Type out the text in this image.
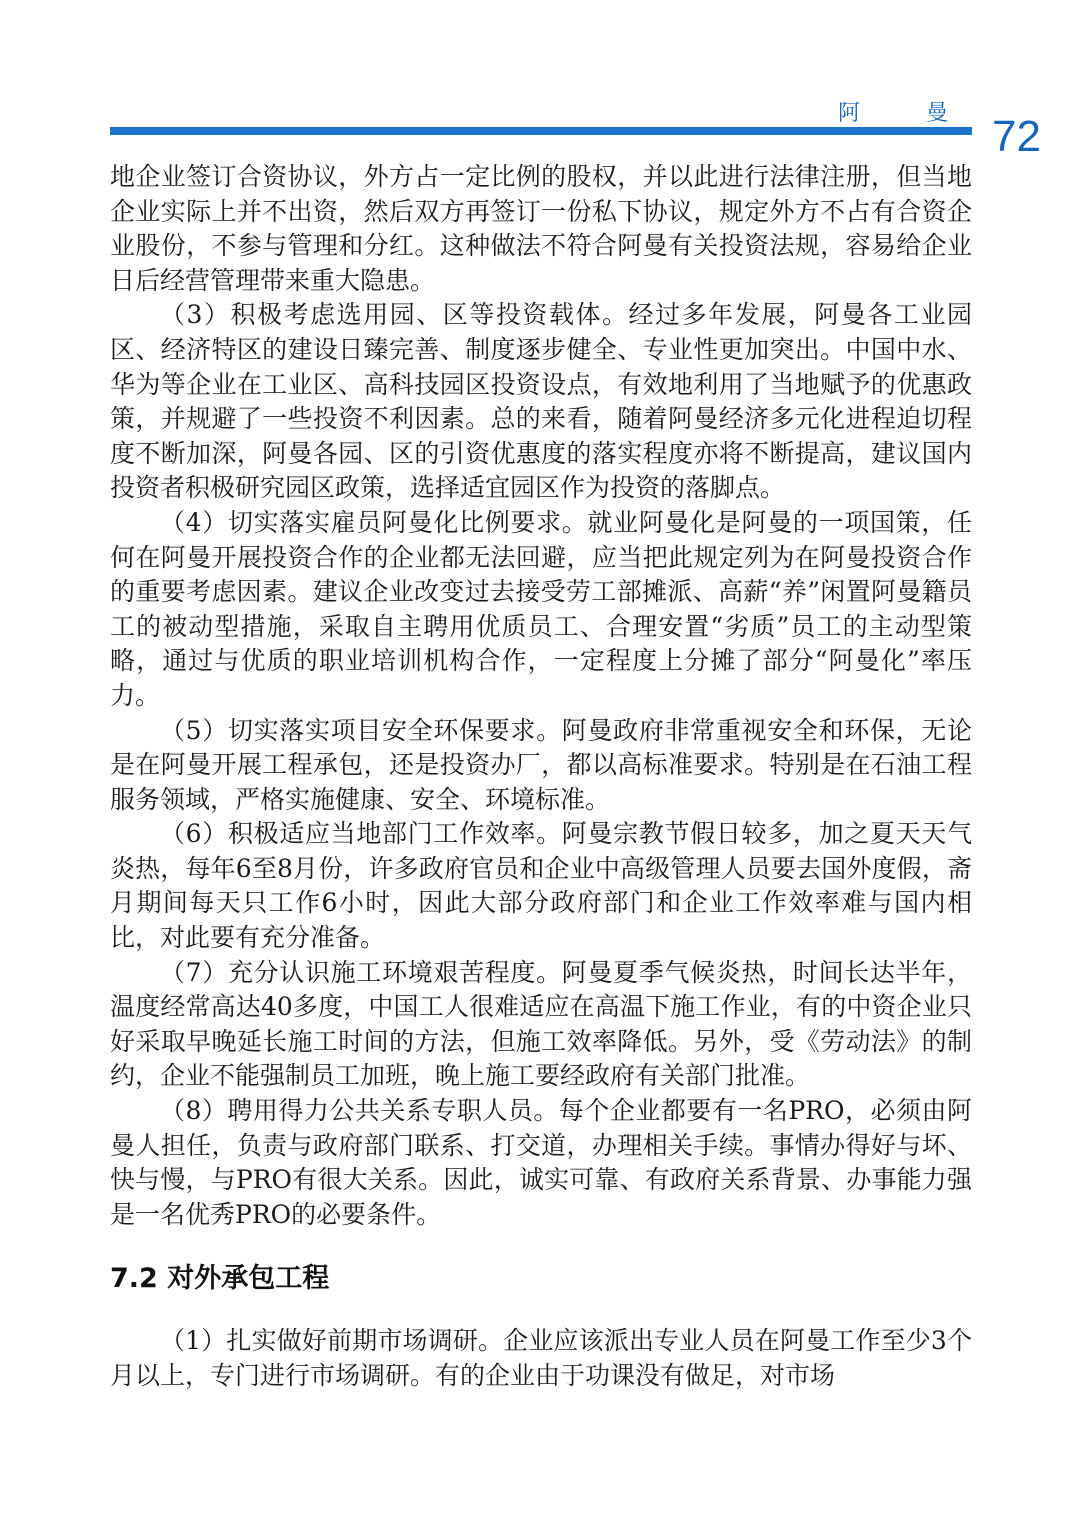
阿　曼 72

地企业签订合资协议，外方占一定比例的股权，并以此进行法律注册，但当地企业实际上并不出资，然后双方再签订一份私下协议，规定外方不占有合资企业股份，不参与管理和分红。这种做法不符合阿曼有关投资法规，容易给企业日后经营管理带来重大隐患。

（3）积极考虑选用园、区等投资载体。经过多年发展，阿曼各工业园区、经济特区的建设日臻完善、制度逐步健全、专业性更加突出。中国中水、华为等企业在工业区、高科技园区投资设点，有效地利用了当地赋予的优惠政策，并规避了一些投资不利因素。总的来看，随着阿曼经济多元化进程迫切程度不断加深，阿曼各园、区的引资优惠度的落实程度亦将不断提高，建议国内投资者积极研究园区政策，选择适宜园区作为投资的落脚点。

（4）切实落实雇员阿曼化比例要求。就业阿曼化是阿曼的一项国策，任何在阿曼开展投资合作的企业都无法回避，应当把此规定列为在阿曼投资合作的重要考虑因素。建议企业改变过去接受劳工部摊派、高薪“养”闲置阿曼籍员工的被动型措施，采取自主聘用优质员工、合理安置“劣质”员工的主动型策略，通过与优质的职业培训机构合作，一定程度上分摊了部分“阿曼化”率压力。

（5）切实落实项目安全环保要求。阿曼政府非常重视安全和环保，无论是在阿曼开展工程承包，还是投资办厂，都以高标准要求。特别是在石油工程服务领域，严格实施健康、安全、环境标准。

（6）积极适应当地部门工作效率。阿曼宗教节假日较多，加之夏天天气炎热，每年6至8月份，许多政府官员和企业中高级管理人员要去国外度假，斋月期间每天只工作6小时，因此大部分政府部门和企业工作效率难与国内相比，对此要有充分准备。

（7）充分认识施工环境艰苦程度。阿曼夏季气候炎热，时间长达半年，温度经常高达40多度，中国工人很难适应在高温下施工作业，有的中资企业只好采取早晚延长施工时间的方法，但施工效率降低。另外，受《劳动法》的制约，企业不能强制员工加班，晚上施工要经政府有关部门批准。

（8）聘用得力公共关系专职人员。每个企业都要有一名PRO，必须由阿曼人担任，负责与政府部门联系、打交道，办理相关手续。事情办得好与坏、快与慢，与PRO有很大关系。因此，诚实可靠、有政府关系背景、办事能力强是一名优秀PRO的必要条件。

7.2 对外承包工程

（1）扎实做好前期市场调研。企业应该派出专业人员在阿曼工作至少3个月以上，专门进行市场调研。有的企业由于功课没有做足，对市场
